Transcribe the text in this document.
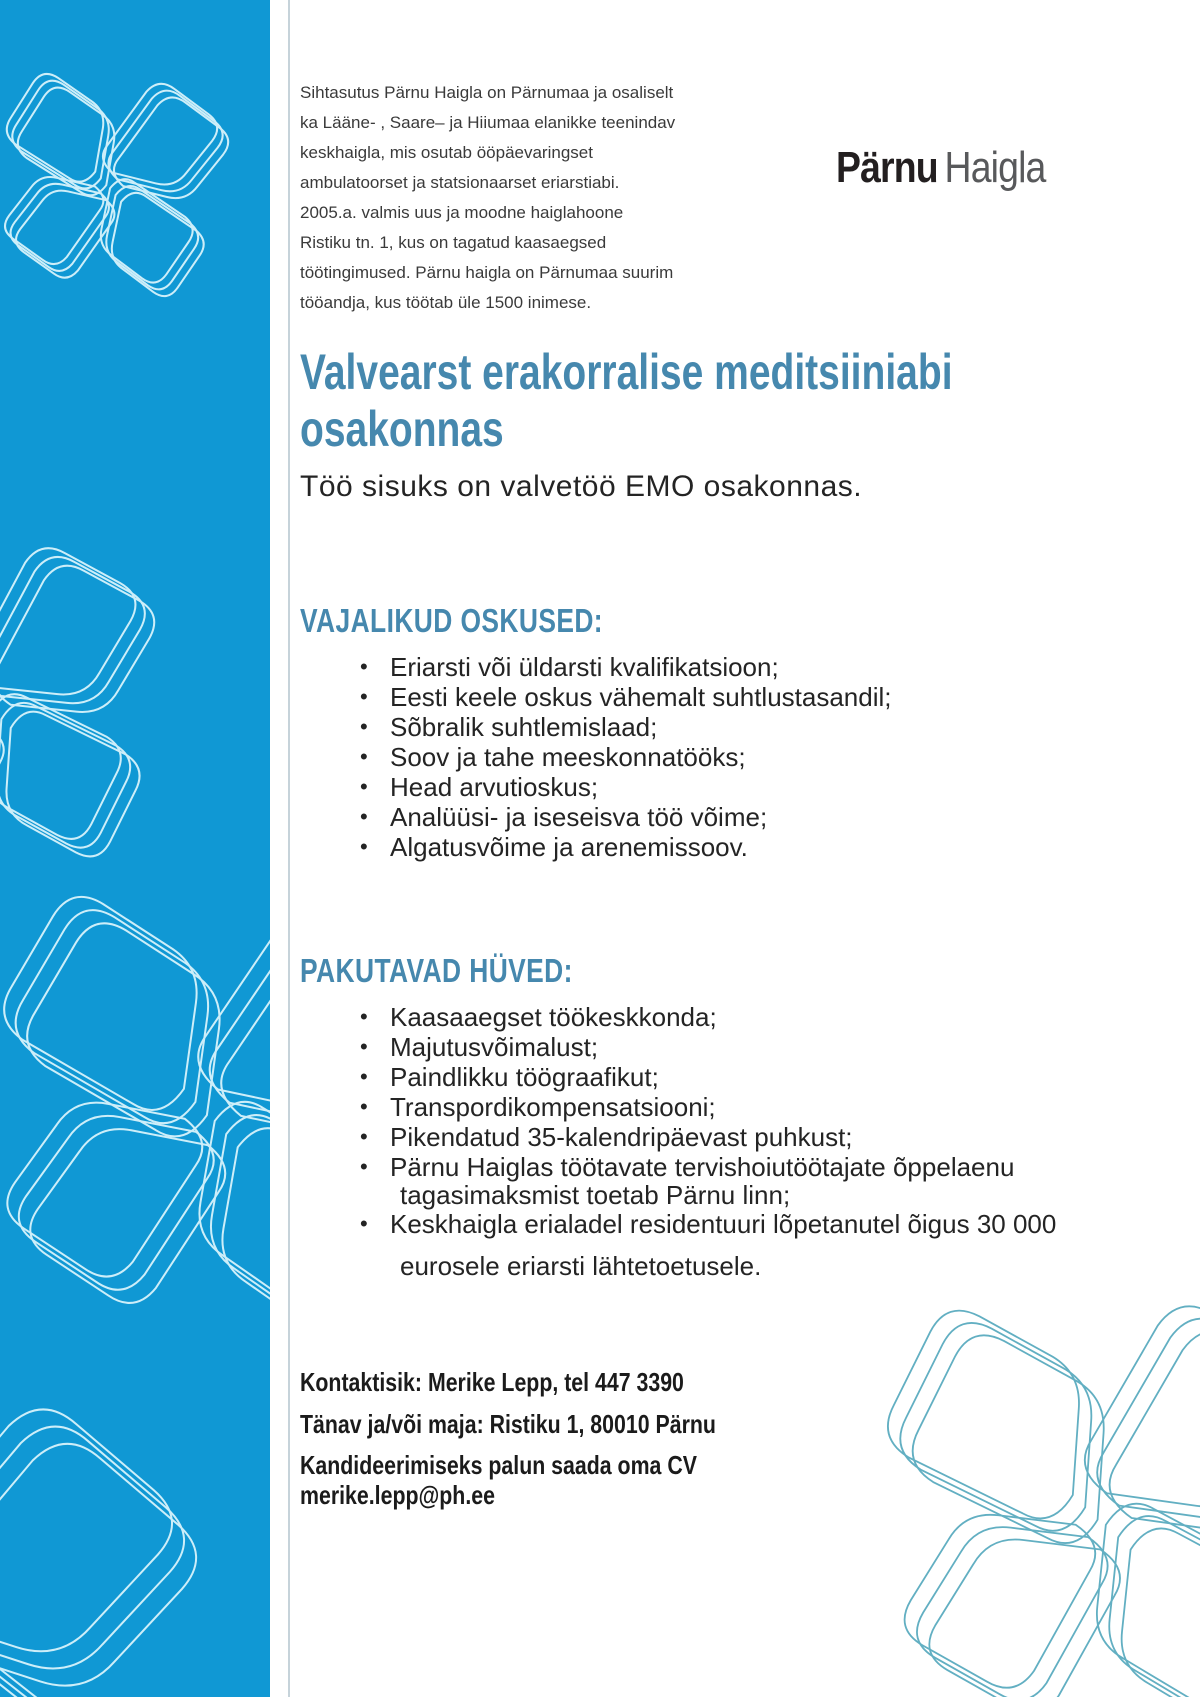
Pärnu Haigla
Sihtasutus Pärnu Haigla on Pärnumaa ja osaliselt
ka Lääne- , Saare– ja Hiiumaa elanikke teenindav
keskhaigla, mis osutab ööpäevaringset
ambulatoorset ja statsionaarset eriarstiabi.
2005.a. valmis uus ja moodne haiglahoone
Ristiku tn. 1, kus on tagatud kaasaegsed
töötingimused. Pärnu haigla on Pärnumaa suurim
tööandja, kus töötab üle 1500 inimese.
Valvearst erakorralise meditsiiniabi
osakonnas
Töö sisuks on valvetöö EMO osakonnas.
VAJALIKUD OSKUSED:
• Eriarsti või üldarsti kvalifikatsioon;
• Eesti keele oskus vähemalt suhtlustasandil;
• Sõbralik suhtlemislaad;
• Soov ja tahe meeskonnatööks;
• Head arvutioskus;
• Analüüsi- ja iseseisva töö võime;
• Algatusvõime ja arenemissoov.
PAKUTAVAD HÜVED:
• Kaasaaegset töökeskkonda;
• Majutusvõimalust;
• Paindlikku töögraafikut;
• Transpordikompensatsiooni;
• Pikendatud 35-kalendripäevast puhkust;
• Pärnu Haiglas töötavate tervishoiutöötajate õppelaenu
tagasimaksmist toetab Pärnu linn;
• Keskhaigla erialadel residentuuri lõpetanutel õigus 30 000
eurosele eriarsti lähtetoetusele.
Kontaktisik: Merike Lepp, tel 447 3390
Tänav ja/või maja: Ristiku 1, 80010 Pärnu
Kandideerimiseks palun saada oma CV
merike.lepp@ph.ee
